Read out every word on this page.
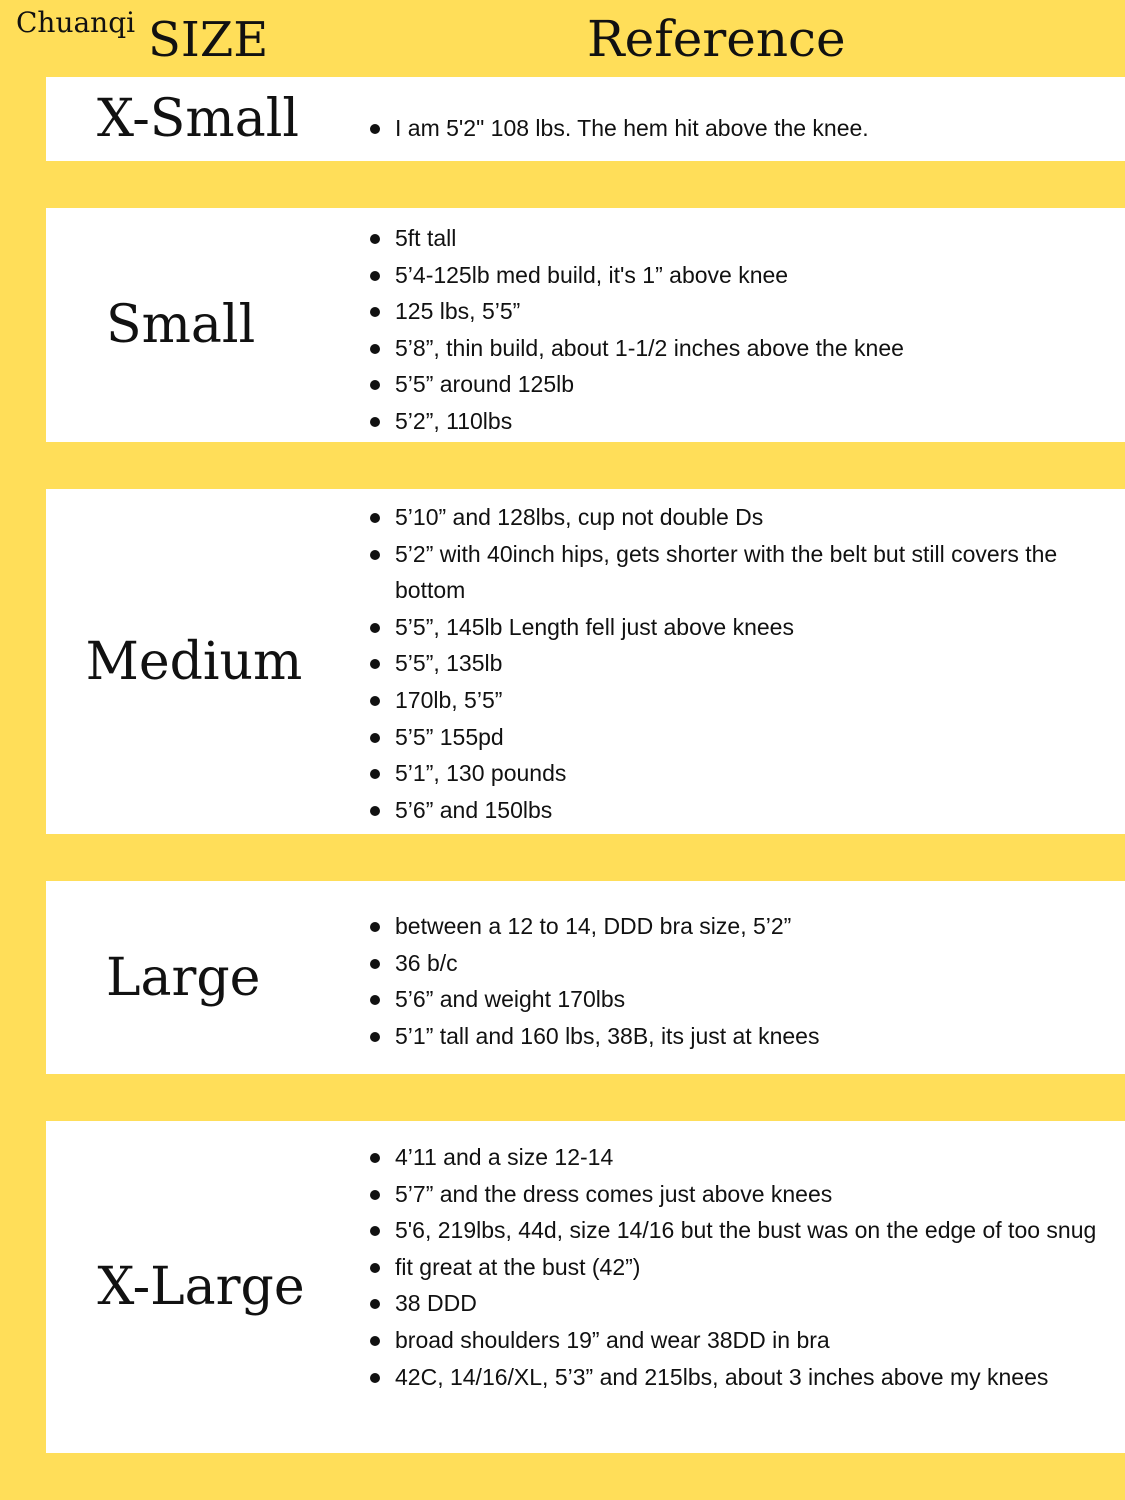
Chuanqi SIZE	Reference
X-Small	I am 5'2" 108 lbs. The hem hit above the knee.
Small
5ft tall
5’4-125lb med build, it's 1” above knee
125 lbs, 5’5”
5’8”, thin build, about 1-1/2 inches above the knee
5’5” around 125lb
5’2”, 110lbs
Medium
5’10” and 128lbs, cup not double Ds
5’2” with 40inch hips, gets shorter with the belt but still covers the bottom
5’5”, 145lb Length fell just above knees
5’5”, 135lb
170lb, 5’5”
5’5” 155pd
5’1”, 130 pounds
5’6” and 150lbs
Large
between a 12 to 14, DDD bra size, 5’2”
36 b/c
5’6” and weight 170lbs
5’1” tall and 160 lbs, 38B, its just at knees
X-Large
4’11 and a size 12-14
5’7” and the dress comes just above knees
5'6, 219lbs, 44d, size 14/16 but the bust was on the edge of too snug
fit great at the bust (42”)
38 DDD
broad shoulders 19” and wear 38DD in bra
42C, 14/16/XL, 5’3” and 215lbs, about 3 inches above my knees
